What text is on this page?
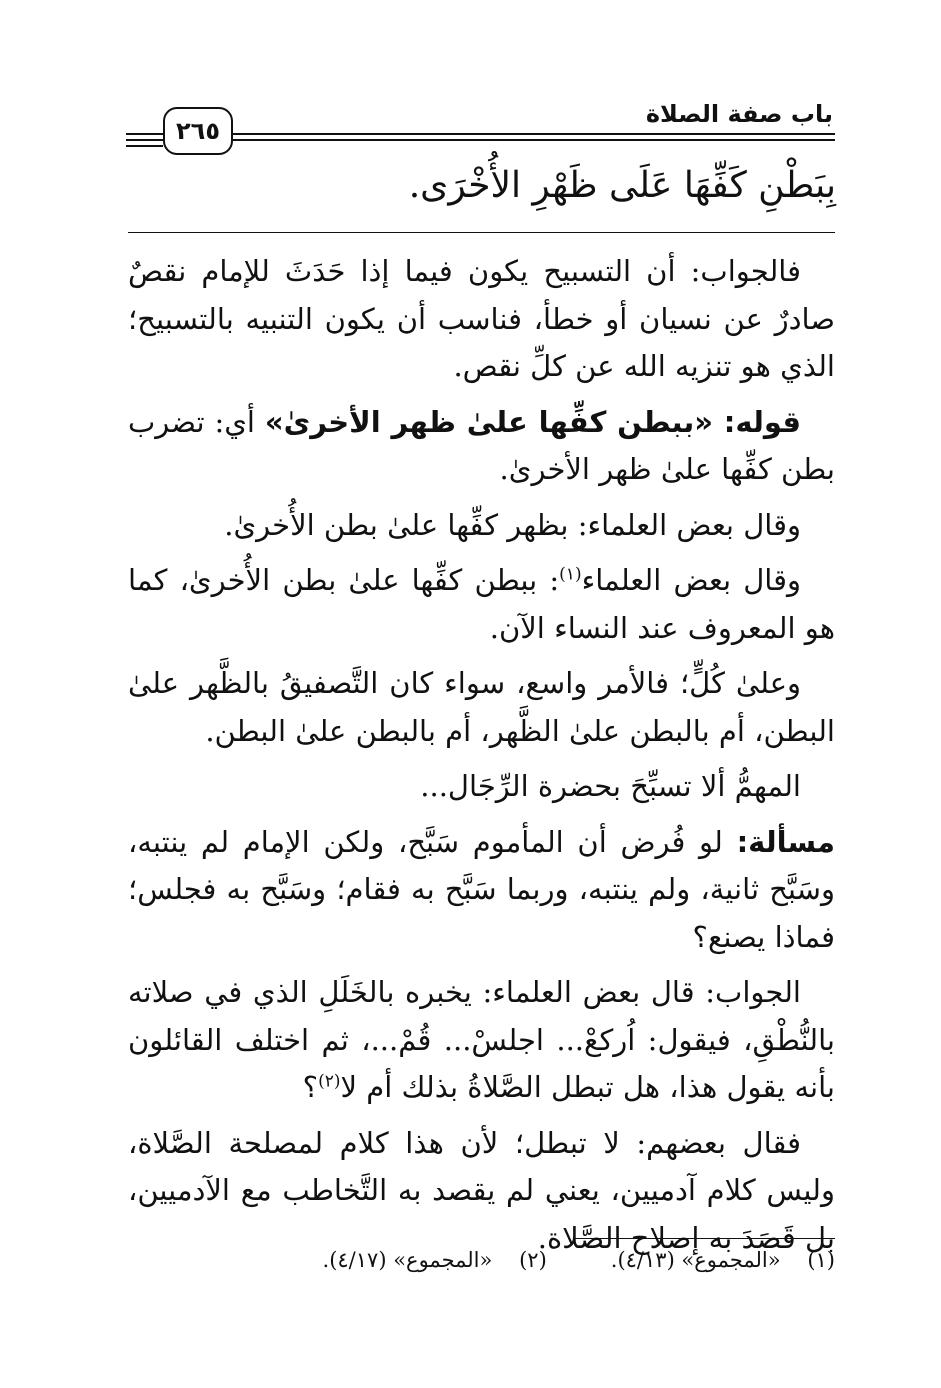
باب صفة الصلاة
٢٦٥
بِبَطْنِ كَفِّهَا عَلَى ظَهْرِ الأُخْرَى.

فالجواب: أن التسبيح يكون فيما إذا حَدَثَ للإمام نقصٌ صادرٌ عن نسيان أو خطأ، فناسب أن يكون التنبيه بالتسبيح؛ الذي هو تنزيه الله عن كلِّ نقص.

قوله: «ببطن كفِّها علىٰ ظهر الأخرىٰ» أي: تضرب بطن كفِّها علىٰ ظهر الأخرىٰ.

وقال بعض العلماء: بظهر كفِّها علىٰ بطن الأُخرىٰ.

وقال بعض العلماء$^{(١)}$: ببطن كفِّها علىٰ بطن الأُخرىٰ، كما هو المعروف عند النساء الآن.

وعلىٰ كُلٍّ؛ فالأمر واسع، سواء كان التَّصفيقُ بالظَّهر علىٰ البطن، أم بالبطن علىٰ الظَّهر، أم بالبطن علىٰ البطن.

المهمُّ ألا تسبِّحَ بحضرة الرِّجَال...

مسألة: لو فُرض أن المأموم سَبَّح، ولكن الإمام لم ينتبه، وسَبَّح ثانية، ولم ينتبه، وربما سَبَّح به فقام؛ وسَبَّح به فجلس؛ فماذا يصنع؟

الجواب: قال بعض العلماء: يخبره بالخَلَلِ الذي في صلاته بالنُّطْقِ، فيقول: اُركعْ... اجلسْ... قُمْ...، ثم اختلف القائلون بأنه يقول هذا، هل تبطل الصَّلاةُ بذلك أم لا$^{(٢)}$؟

فقال بعضهم: لا تبطل؛ لأن هذا كلام لمصلحة الصَّلاة، وليس كلام آدميين، يعني لم يقصد به التَّخاطب مع الآدميين، بل قَصَدَ به إصلاح الصَّلاة.

(١)    «المجموع» (٤/١٣).
(٢)    «المجموع» (٤/١٧).
